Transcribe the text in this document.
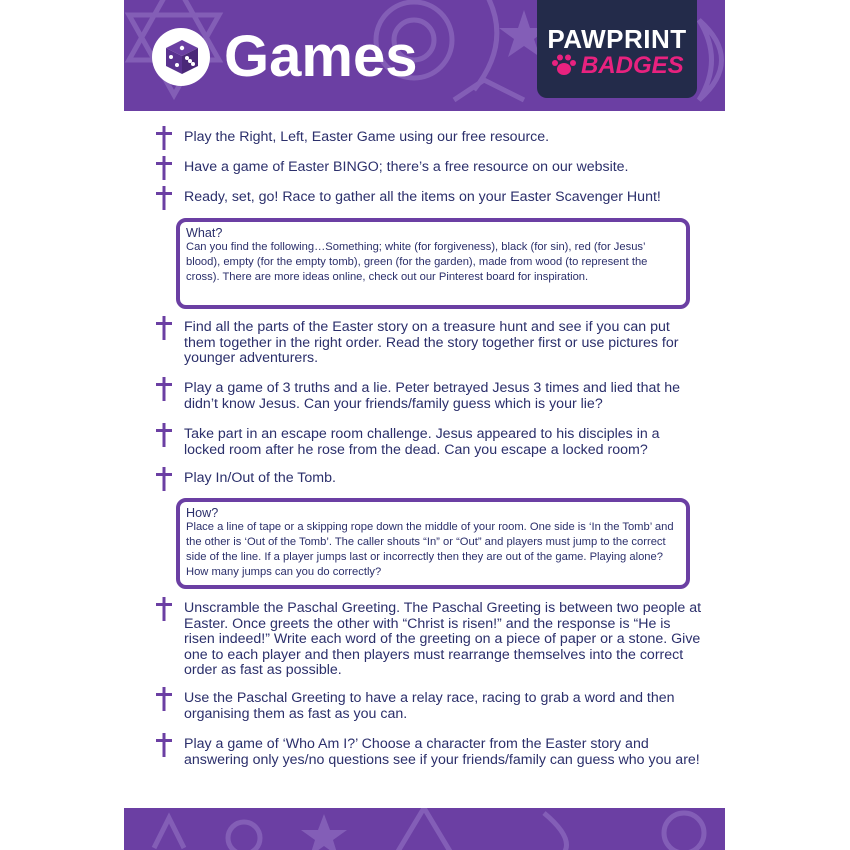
Games	PAWPRINT
BADGES
Play the Right, Left, Easter Game using our free resource.
Have a game of Easter BINGO; there’s a free resource on our website.
Ready, set, go! Race to gather all the items on your Easter Scavenger Hunt!
What?
Can you find the following…Something; white (for forgiveness), black (for sin), red (for Jesus’ blood), empty (for the empty tomb), green (for the garden), made from wood (to represent the cross). There are more ideas online, check out our Pinterest board for inspiration.
Find all the parts of the Easter story on a treasure hunt and see if you can put them together in the right order. Read the story together first or use pictures for younger adventurers.
Play a game of 3 truths and a lie. Peter betrayed Jesus 3 times and lied that he didn’t know Jesus. Can your friends/family guess which is your lie?
Take part in an escape room challenge. Jesus appeared to his disciples in a locked room after he rose from the dead. Can you escape a locked room?
Play In/Out of the Tomb.
How?
Place a line of tape or a skipping rope down the middle of your room. One side is ‘In the Tomb’ and the other is ‘Out of the Tomb’. The caller shouts “In” or “Out” and players must jump to the correct side of the line. If a player jumps last or incorrectly then they are out of the game. Playing alone? How many jumps can you do correctly?
Unscramble the Paschal Greeting. The Paschal Greeting is between two people at Easter. Once greets the other with “Christ is risen!” and the response is “He is risen indeed!” Write each word of the greeting on a piece of paper or a stone. Give one to each player and then players must rearrange themselves into the correct order as fast as possible.
Use the Paschal Greeting to have a relay race, racing to grab a word and then organising them as fast as you can.
Play a game of ‘Who Am I?’ Choose a character from the Easter story and answering only yes/no questions see if your friends/family can guess who you are!
